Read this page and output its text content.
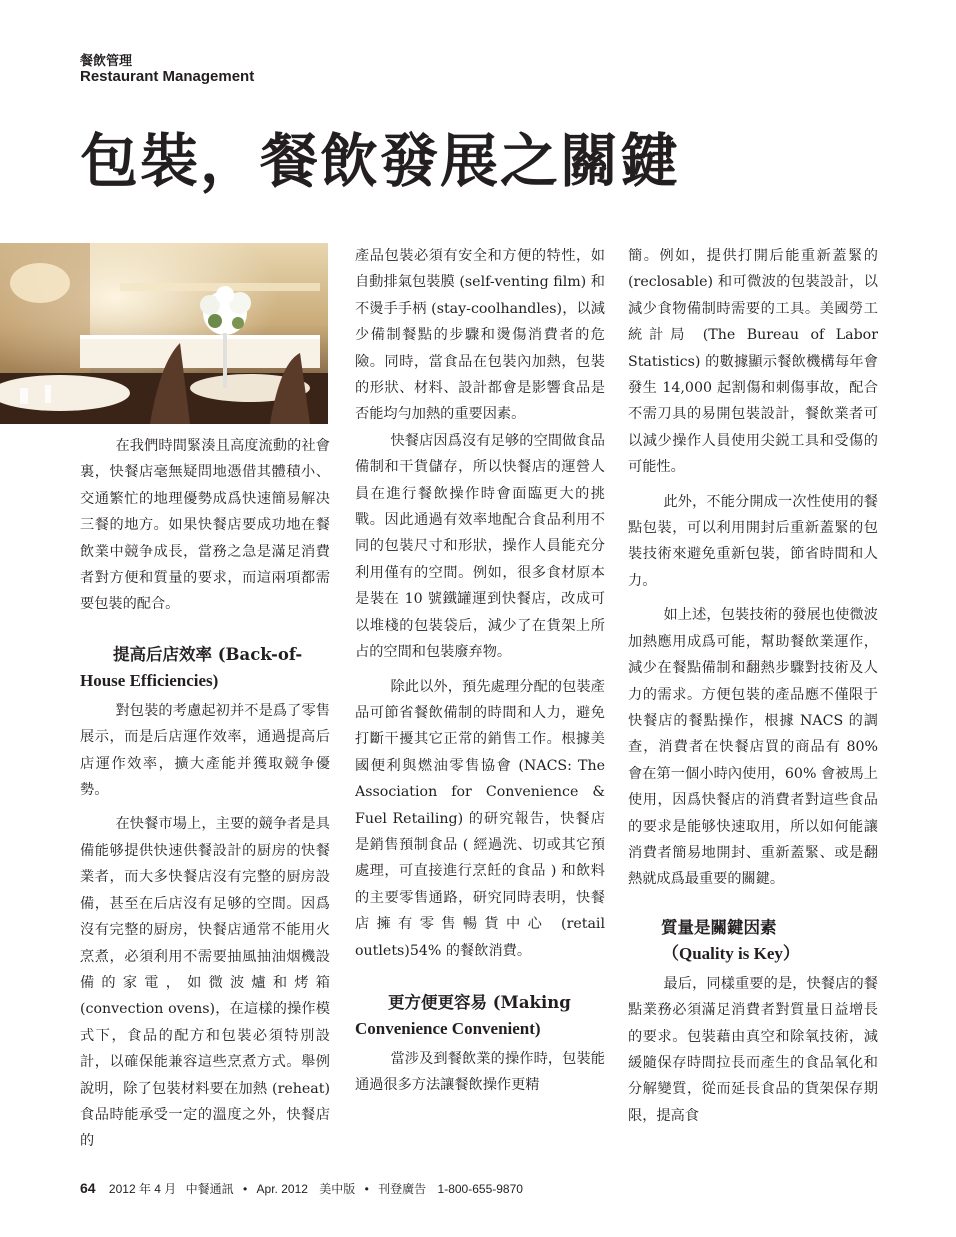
餐飲管理
Restaurant Management
包裝，餐飲發展之關鍵

在我們時間緊湊且高度流動的社會裏，快餐店毫無疑問地憑借其體積小、交通繁忙的地理優勢成爲快速簡易解决三餐的地方。如果快餐店要成功地在餐飲業中競争成長，當務之急是滿足消費者對方便和質量的要求，而這兩項都需要包裝的配合。

提高后店效率 (Back-of-
House Efficiencies)

對包裝的考慮起初并不是爲了零售展示，而是后店運作效率，通過提高后店運作效率，擴大產能并獲取競争優勢。

在快餐市場上，主要的競争者是具備能够提供快速供餐設計的厨房的快餐業者，而大多快餐店沒有完整的厨房設備，甚至在后店沒有足够的空間。因爲沒有完整的厨房，快餐店通常不能用火烹煮，必須利用不需要抽風抽油烟機設備的家電，如微波爐和烤箱 (convection ovens)，在這樣的操作模式下，食品的配方和包裝必須特別設計，以確保能兼容這些烹煮方式。舉例說明，除了包裝材料要在加熱 (reheat) 食品時能承受一定的溫度之外，快餐店的

產品包裝必須有安全和方便的特性，如自動排氣包裝膜 (self-venting film) 和不燙手手柄 (stay-coolhandles)，以減少備制餐點的步驟和燙傷消費者的危險。同時，當食品在包裝內加熱，包裝的形狀、材料、設計都會是影響食品是否能均勻加熱的重要因素。

快餐店因爲沒有足够的空間做食品備制和干貨儲存，所以快餐店的運營人員在進行餐飲操作時會面臨更大的挑戰。因此通過有效率地配合食品利用不同的包裝尺寸和形狀，操作人員能充分利用僅有的空間。例如，很多食材原本是裝在 10 號鐵罐運到快餐店，改成可以堆棧的包裝袋后，減少了在貨架上所占的空間和包裝廢弃物。

除此以外，預先處理分配的包裝產品可節省餐飲備制的時間和人力，避免打斷干擾其它正常的銷售工作。根據美國便利與燃油零售協會 (NACS: The Association for Convenience & Fuel Retailing) 的研究報告，快餐店是銷售預制食品 ( 經過洗、切或其它預處理，可直接進行烹飪的食品 ) 和飲料的主要零售通路，研究同時表明，快餐店擁有零售暢貨中心 (retail outlets)54% 的餐飲消費。

更方便更容易 (Making
Convenience Convenient)

當涉及到餐飲業的操作時，包裝能通過很多方法讓餐飲操作更精

簡。例如，提供打開后能重新蓋緊的 (reclosable) 和可微波的包裝設計，以減少食物備制時需要的工具。美國勞工統計局 (The Bureau of Labor Statistics) 的數據顯示餐飲機構每年會發生 14,000 起割傷和刺傷事故，配合不需刀具的易開包裝設計，餐飲業者可以減少操作人員使用尖鋭工具和受傷的可能性。

此外，不能分開成一次性使用的餐點包裝，可以利用開封后重新蓋緊的包裝技術來避免重新包裝，節省時間和人力。

如上述，包裝技術的發展也使微波加熱應用成爲可能，幫助餐飲業運作，減少在餐點備制和翻熱步驟對技術及人力的需求。方便包裝的產品應不僅限于快餐店的餐點操作，根據 NACS 的調查，消費者在快餐店買的商品有 80% 會在第一個小時內使用，60% 會被馬上使用，因爲快餐店的消費者對這些食品的要求是能够快速取用，所以如何能讓消費者簡易地開封、重新蓋緊、或是翻熱就成爲最重要的關鍵。

質量是關鍵因素
（Quality is Key）

最后，同樣重要的是，快餐店的餐點業務必須滿足消費者對質量日益增長的要求。包裝藉由真空和除氧技術，減緩隨保存時間拉長而產生的食品氧化和分解變質，從而延長食品的貨架保存期限，提高食

64 2012 年 4 月 中餐通訊 • Apr. 2012 美中版 • 刊登廣告 1-800-655-9870
